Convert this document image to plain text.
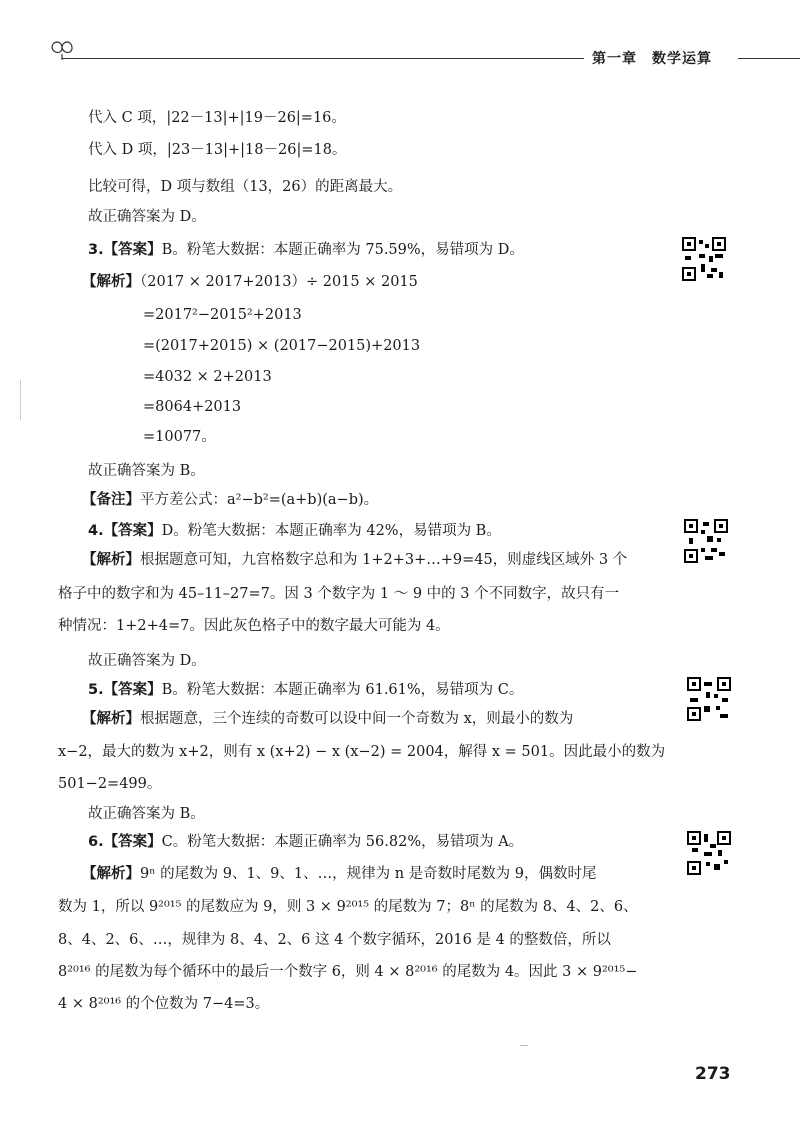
第一章　数学运算
代入 C 项，|22－13|+|19－26|=16。
代入 D 项，|23－13|+|18－26|=18。
比较可得，D 项与数组（13，26）的距离最大。
故正确答案为 D。
3.【答案】B。粉笔大数据：本题正确率为 75.59%，易错项为 D。
【解析】（2017 × 2017+2013）÷ 2015 × 2015
=2017²−2015²+2013
=(2017+2015) × (2017−2015)+2013
=4032 × 2+2013
=8064+2013
=10077。
故正确答案为 B。
【备注】平方差公式：a²−b²=(a+b)(a−b)。
4.【答案】D。粉笔大数据：本题正确率为 42%，易错项为 B。
【解析】根据题意可知，九宫格数字总和为 1+2+3+…+9=45，则虚线区域外 3 个
格子中的数字和为 45–11–27=7。因 3 个数字为 1 ～ 9 中的 3 个不同数字，故只有一
种情况：1+2+4=7。因此灰色格子中的数字最大可能为 4。
故正确答案为 D。
5.【答案】B。粉笔大数据：本题正确率为 61.61%，易错项为 C。
【解析】根据题意，三个连续的奇数可以设中间一个奇数为 x，则最小的数为
x−2，最大的数为 x+2，则有 x (x+2) − x (x−2) = 2004，解得 x = 501。因此最小的数为
501−2=499。
故正确答案为 B。
6.【答案】C。粉笔大数据：本题正确率为 56.82%，易错项为 A。
【解析】9ⁿ 的尾数为 9、1、9、1、…，规律为 n 是奇数时尾数为 9，偶数时尾
数为 1，所以 9²⁰¹⁵ 的尾数应为 9，则 3 × 9²⁰¹⁵ 的尾数为 7；8ⁿ 的尾数为 8、4、2、6、
8、4、2、6、…，规律为 8、4、2、6 这 4 个数字循环，2016 是 4 的整数倍，所以
8²⁰¹⁶ 的尾数为每个循环中的最后一个数字 6，则 4 × 8²⁰¹⁶ 的尾数为 4。因此 3 × 9²⁰¹⁵−
4 × 8²⁰¹⁶ 的个位数为 7−4=3。
273
